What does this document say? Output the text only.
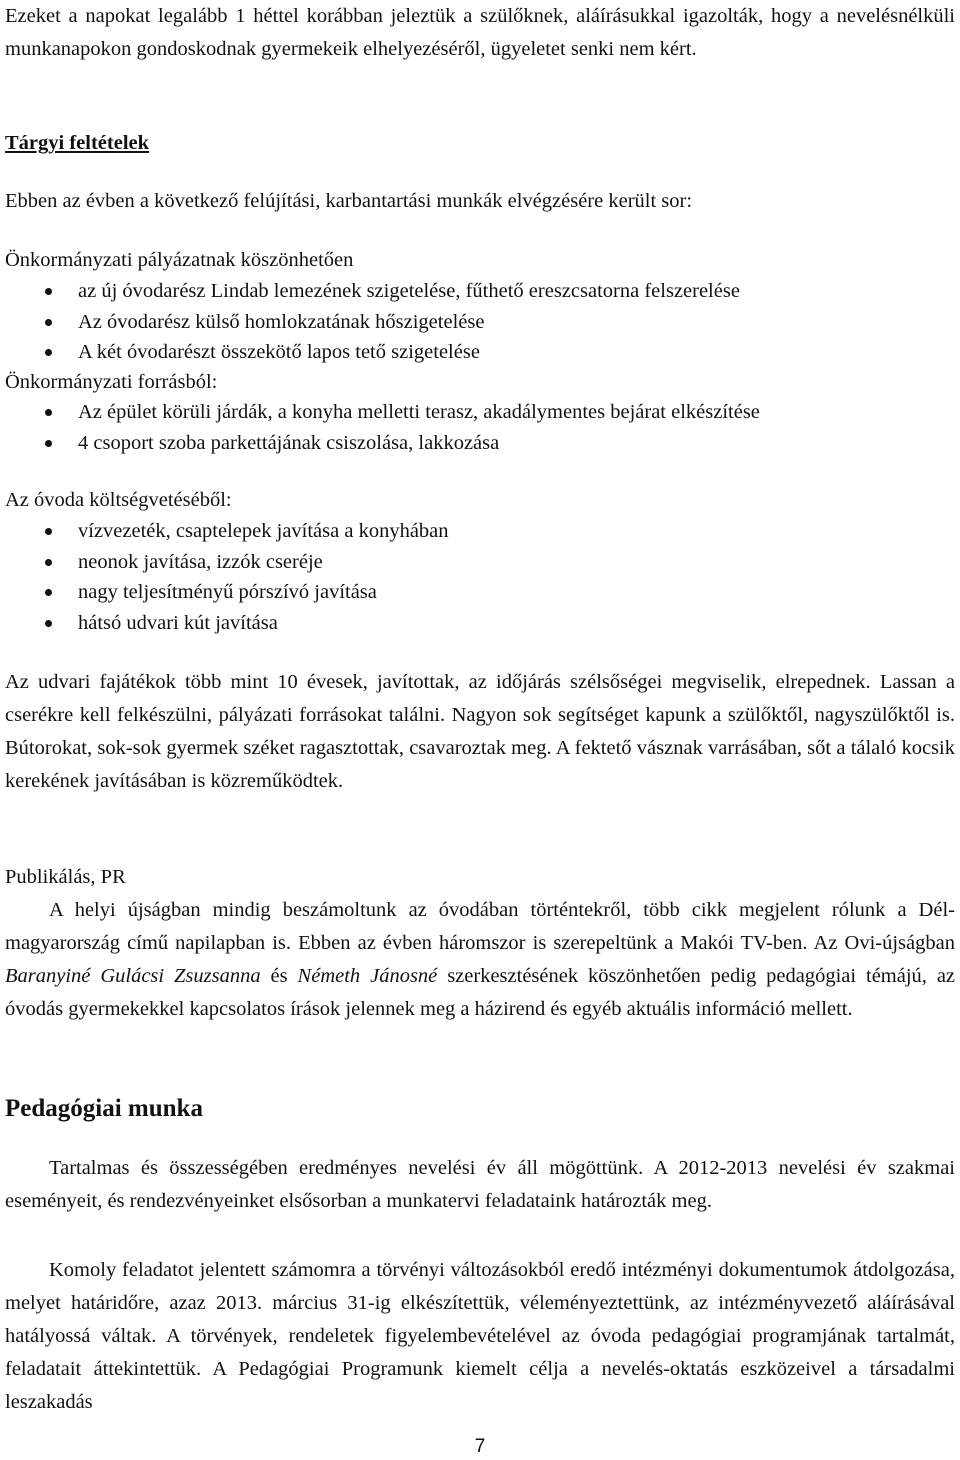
Ezeket a napokat legalább 1 héttel korábban jeleztük a szülőknek, aláírásukkal igazolták, hogy a nevelésnélküli munkanapokon gondoskodnak gyermekeik elhelyezéséről, ügyeletet senki nem kért.

Tárgyi feltételek

Ebben az évben a következő felújítási, karbantartási munkák elvégzésére került sor:

Önkormányzati pályázatnak köszönhetően

az új óvodarész Lindab lemezének szigetelése, fűthető ereszcsatorna felszerelése
Az óvodarész külső homlokzatának hőszigetelése
A két óvodarészt összekötő lapos tető szigetelése

Önkormányzati forrásból:

Az épület körüli járdák, a konyha melletti terasz, akadálymentes bejárat elkészítése
4 csoport szoba parkettájának csiszolása, lakkozása

Az óvoda költségvetéséből:

vízvezeték, csaptelepek javítása a konyhában
neonok javítása, izzók cseréje
nagy teljesítményű pórszívó javítása
hátsó udvari kút javítása

Az udvari fajátékok több mint 10 évesek, javítottak, az időjárás szélsőségei megviselik, elrepednek. Lassan a cserékre kell felkészülni, pályázati forrásokat találni. Nagyon sok segítséget kapunk a szülőktől, nagyszülőktől is. Bútorokat, sok-sok gyermek széket ragasztottak, csavaroztak meg. A fektető vásznak varrásában, sőt a tálaló kocsik kerekének javításában is közreműködtek.

Publikálás, PR

A helyi újságban mindig beszámoltunk az óvodában történtekről, több cikk megjelent rólunk a Dél-magyarország című napilapban is. Ebben az évben háromszor is szerepeltünk a Makói TV-ben. Az Ovi-újságban Baranyiné Gulácsi Zsuzsanna és Németh Jánosné szerkesztésének köszönhetően pedig pedagógiai témájú, az óvodás gyermekekkel kapcsolatos írások jelennek meg a házirend és egyéb aktuális információ mellett.

Pedagógiai munka

Tartalmas és összességében eredményes nevelési év áll mögöttünk. A 2012-2013 nevelési év szakmai eseményeit, és rendezvényeinket elsősorban a munkatervi feladataink határozták meg.

Komoly feladatot jelentett számomra a törvényi változásokból eredő intézményi dokumentumok átdolgozása, melyet határidőre, azaz 2013. március 31-ig elkészítettük, véleményeztettünk, az intézményvezető aláírásával hatályossá váltak. A törvények, rendeletek figyelembevételével az óvoda pedagógiai programjának tartalmát, feladatait áttekintettük. A Pedagógiai Programunk kiemelt célja a nevelés-oktatás eszközeivel a társadalmi leszakadás

7
